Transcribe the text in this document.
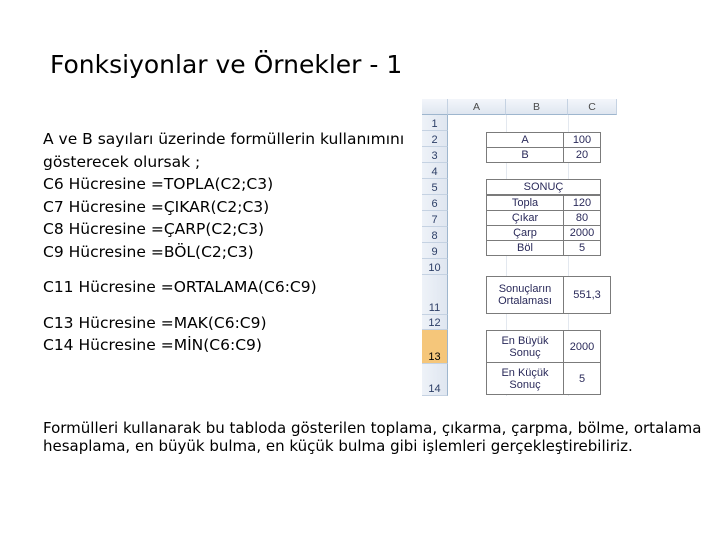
Fonksiyonlar ve Örnekler - 1
A ve B sayıları üzerinde formüllerin kullanımını
gösterecek olursak ;
C6 Hücresine =TOPLA(C2;C3)
C7 Hücresine =ÇIKAR(C2;C3)
C8 Hücresine =ÇARP(C2;C3)
C9 Hücresine =BÖL(C2;C3)
C11 Hücresine =ORTALAMA(C6:C9)
C13 Hücresine =MAK(C6:C9)
C14 Hücresine =MİN(C6:C9)
Formülleri kullanarak bu tabloda gösterilen toplama, çıkarma, çarpma, bölme, ortalama hesaplama, en büyük bulma, en küçük bulma gibi işlemleri gerçekleştirebiliriz.
A	B	C
1
2
3
4
5
6
7
8
9
10
11
12
13
14
A	100
B	20
SONUÇ
Topla	120
Çıkar	80
Çarp	2000
Böl	5
Sonuçların Ortalaması	551,3
En Büyük Sonuç	2000
En Küçük Sonuç	5
